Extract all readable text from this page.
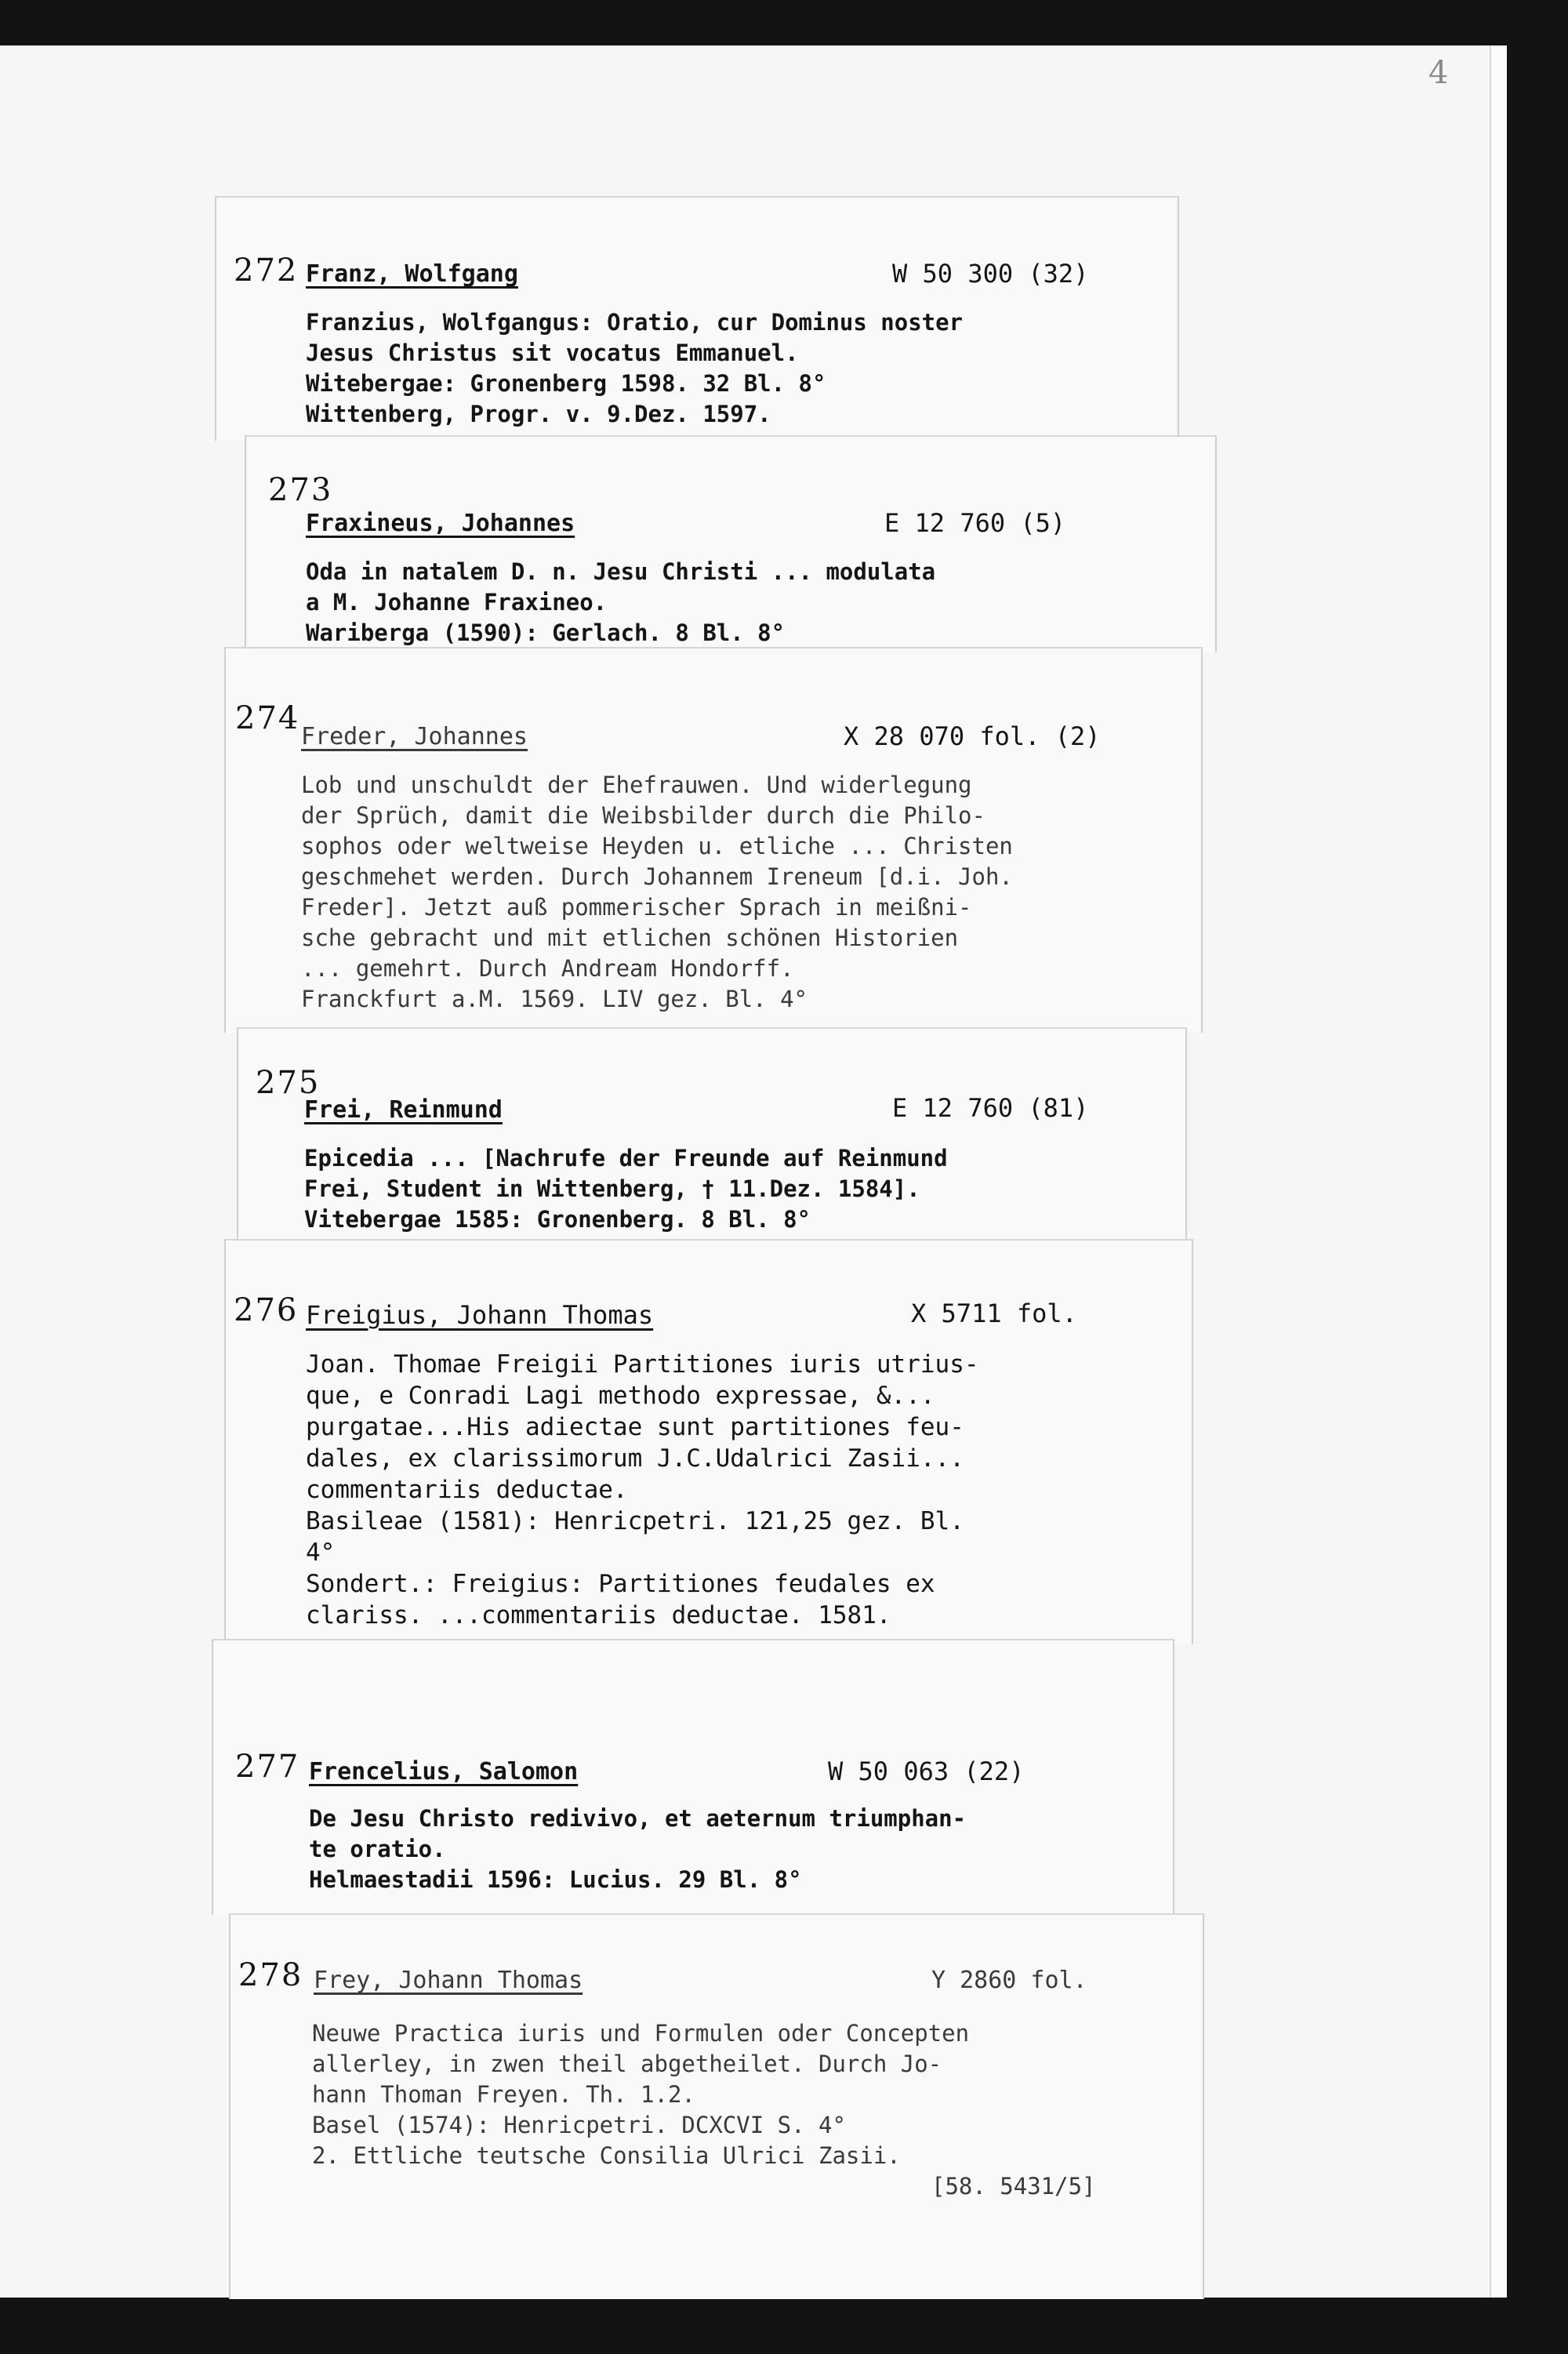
4
272 Franz, Wolfgang	W 50 300 (32)
Franzius, Wolfgangus: Oratio, cur Dominus noster
Jesus Christus sit vocatus Emmanuel.
Witebergae: Gronenberg 1598. 32 Bl. 8°
Wittenberg, Progr. v. 9.Dez. 1597.
273
Fraxineus, Johannes	E 12 760 (5)
Oda in natalem D. n. Jesu Christi ... modulata
a M. Johanne Fraxineo.
Wariberga (1590): Gerlach. 8 Bl. 8°
274
Freder, Johannes	X 28 070 fol. (2)
Lob und unschuldt der Ehefrauwen. Und widerlegung
der Sprüch, damit die Weibsbilder durch die Philo-
sophos oder weltweise Heyden u. etliche ... Christen
geschmehet werden. Durch Johannem Ireneum [d.i. Joh.
Freder]. Jetzt auß pommerischer Sprach in meißni-
sche gebracht und mit etlichen schönen Historien
... gemehrt. Durch Andream Hondorff.
Franckfurt a.M. 1569. LIV gez. Bl. 4°
275
Frei, Reinmund	E 12 760 (81)
Epicedia ... [Nachrufe der Freunde auf Reinmund
Frei, Student in Wittenberg, † 11.Dez. 1584].
Vitebergae 1585: Gronenberg. 8 Bl. 8°
276 Freigius, Johann Thomas	X 5711 fol.
Joan. Thomae Freigii Partitiones iuris utrius-
que, e Conradi Lagi methodo expressae, &...
purgatae...His adiectae sunt partitiones feu-
dales, ex clarissimorum J.C.Udalrici Zasii...
commentariis deductae.
Basileae (1581): Henricpetri. 121,25 gez. Bl.
4°
Sondert.: Freigius: Partitiones feudales ex
clariss. ...commentariis deductae. 1581.
277 Frencelius, Salomon	W 50 063 (22)
De Jesu Christo redivivo, et aeternum triumphan-
te oratio.
Helmaestadii 1596: Lucius. 29 Bl. 8°
278 Frey, Johann Thomas	Y 2860 fol.
Neuwe Practica iuris und Formulen oder Concepten
allerley, in zwen theil abgetheilet. Durch Jo-
hann Thoman Freyen. Th. 1.2.
Basel (1574): Henricpetri. DCXCVI S. 4°
2. Ettliche teutsche Consilia Ulrici Zasii.
[58. 5431/5]
